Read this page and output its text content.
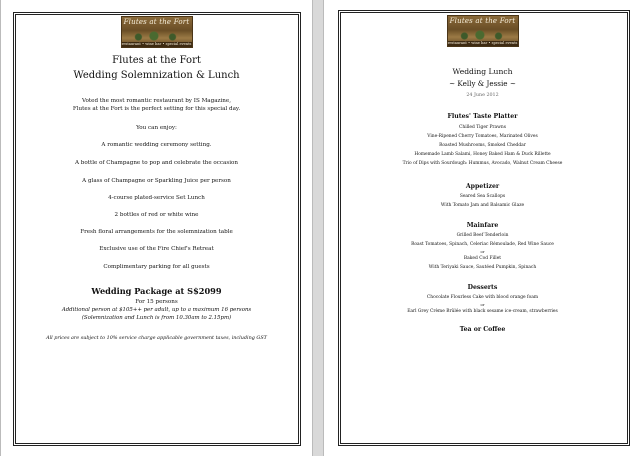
Flutes at the Fort
restaurant • wine bar • special events
Flutes at the Fort
Wedding Solemnization & Lunch
Voted the most romantic restaurant by IS Magazine,
Flutes at the Fort is the perfect setting for this special day.
You can enjoy:
A romantic wedding ceremony setting.
A bottle of Champagne to pop and celebrate the occasion
A glass of Champagne or Sparkling Juice per person
4-course plated-service Set Lunch
2 bottles of red or white wine
Fresh floral arrangements for the solemnization table
Exclusive use of the Fire Chief's Retreat
Complimentary parking for all guests
Wedding Package at S$2099
For 15 persons
Additional person at $105++ per adult, up to a maximum 16 persons
(Solemnization and Lunch is from 10.30am to 2.15pm)
All prices are subject to 10% service charge applicable government taxes, including GST
Flutes at the Fort
restaurant • wine bar • special events
Wedding Lunch
~ Kelly & Jessie ~
24 June 2012
Flutes' Taste Platter
Chilled Tiger Prawns
Vine-Ripened Cherry Tomatoes, Marinated Olives
Roasted Mushrooms, Smoked Cheddar
Homemade Lamb Salami, Honey Baked Ham & Duck Rillette
Trio of Dips with Sourdough: Hummus, Avocado, Walnut Cream Cheese
Appetizer
Seared Sea Scallops
With Tomato Jam and Balsamic Glaze
Mainfare
Grilled Beef Tenderloin
Roast Tomatoes, Spinach, Celeriac Rémoulade, Red Wine Sauce
or
Baked Cod Fillet
With Teriyaki Sauce, Sautéed Pumpkin, Spinach
Desserts
Chocolate Flourless Cake with blood orange foam
or
Earl Grey Crème Brûlée with black sesame ice-cream, strawberries
Tea or Coffee
